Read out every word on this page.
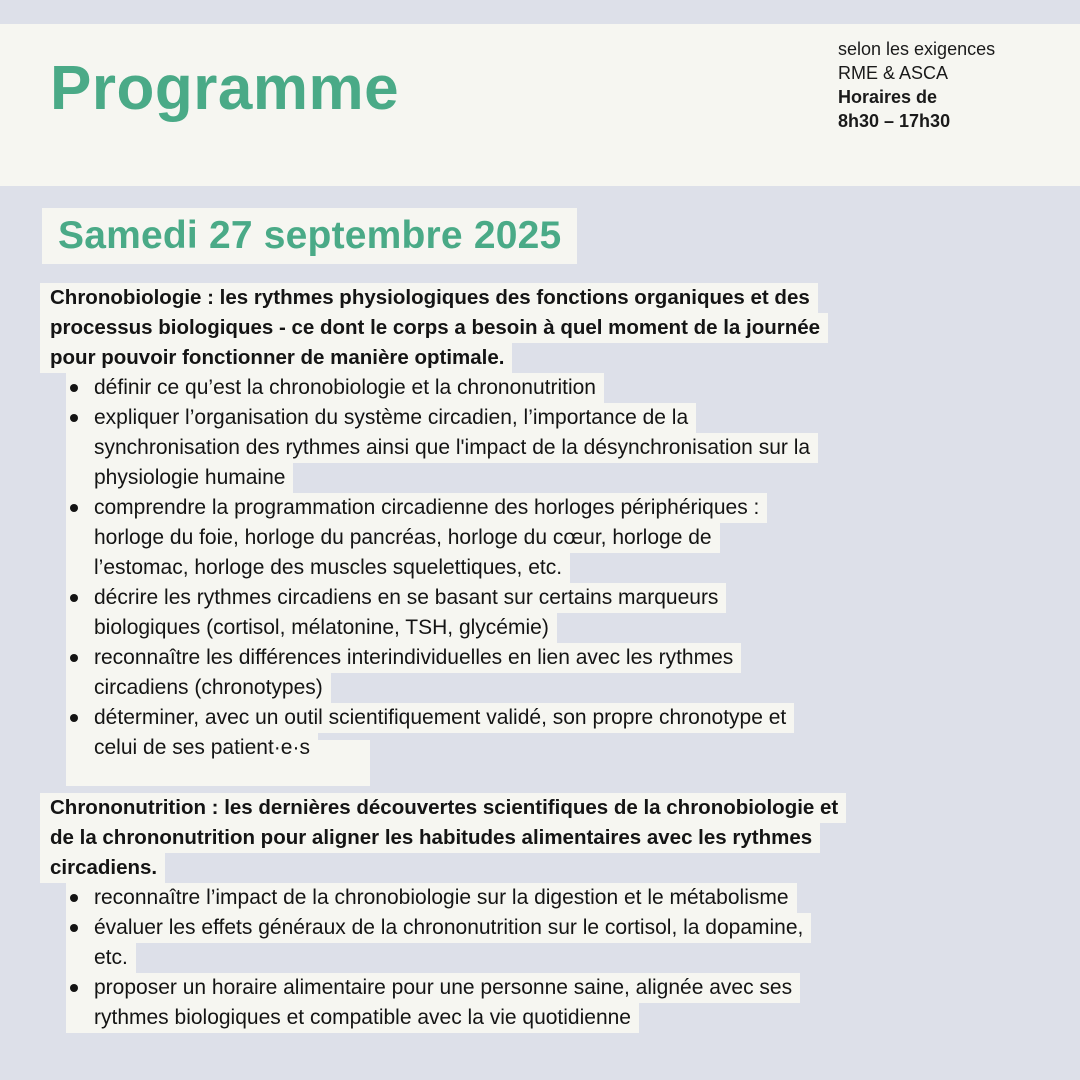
Programme
selon les exigences
RME & ASCA
Horaires de
8h30 – 17h30
Samedi 27 septembre 2025
Chronobiologie : les rythmes physiologiques des fonctions organiques et des
processus biologiques - ce dont le corps a besoin à quel moment de la journée
pour pouvoir fonctionner de manière optimale.
définir ce qu’est la chronobiologie et la chrononutrition
expliquer l’organisation du système circadien, l’importance de la
synchronisation des rythmes ainsi que l'impact de la désynchronisation sur la
physiologie humaine
comprendre la programmation circadienne des horloges périphériques :
horloge du foie, horloge du pancréas, horloge du cœur, horloge de
l’estomac, horloge des muscles squelettiques, etc.
décrire les rythmes circadiens en se basant sur certains marqueurs
biologiques (cortisol, mélatonine, TSH, glycémie)
reconnaître les différences interindividuelles en lien avec les rythmes
circadiens (chronotypes)
déterminer, avec un outil scientifiquement validé, son propre chronotype et
celui de ses patient·e·s
Chrononutrition : les dernières découvertes scientifiques de la chronobiologie et
de la chrononutrition pour aligner les habitudes alimentaires avec les rythmes
circadiens.
reconnaître l’impact de la chronobiologie sur la digestion et le métabolisme
évaluer les effets généraux de la chrononutrition sur le cortisol, la dopamine,
etc.
proposer un horaire alimentaire pour une personne saine, alignée avec ses
rythmes biologiques et compatible avec la vie quotidienne
